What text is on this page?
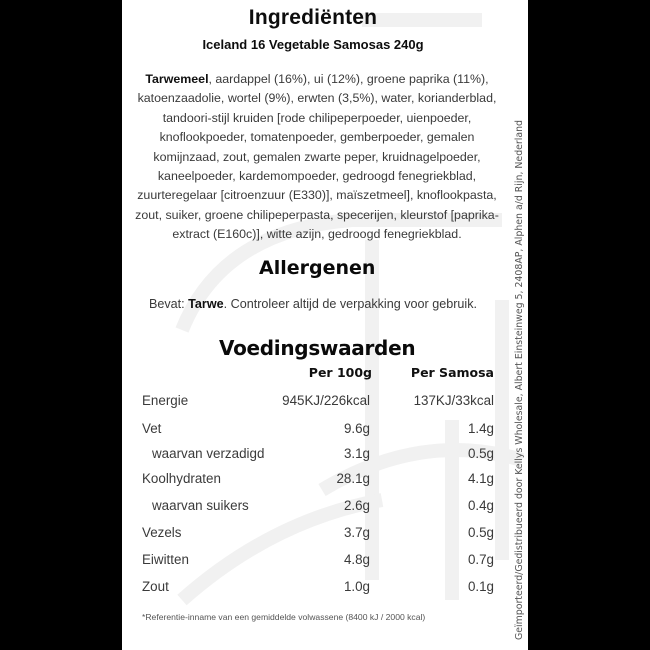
Ingrediënten
Iceland 16 Vegetable Samosas 240g
Tarwemeel, aardappel (16%), ui (12%), groene paprika (11%), katoenzaadolie, wortel (9%), erwten (3,5%), water, korianderblad, tandoori-stijl kruiden [rode chilipeperpoeder, uienpoeder, knoflookpoeder, tomatenpoeder, gemberpoeder, gemalen komijnzaad, zout, gemalen zwarte peper, kruidnagelpoeder, kaneelpoeder, kardemompoeder, gedroogd fenegriekblad, zuurteregelaar [citroenzuur (E330)], maïszetmeel], knoflookpasta, zout, suiker, groene chilipeperpasta, specerijen, kleurstof [paprika-extract (E160c)], witte azijn, gedroogd fenegriekblad.
Allergenen
Bevat: Tarwe. Controleer altijd de verpakking voor gebruik.
Voedingswaarden
Per 100g	Per Samosa
Energie	945KJ/226kcal	137KJ/33kcal
Vet	9.6g	1.4g
waarvan verzadigd	3.1g	0.5g
Koolhydraten	28.1g	4.1g
waarvan suikers	2.6g	0.4g
Vezels	3.7g	0.5g
Eiwitten	4.8g	0.7g
Zout	1.0g	0.1g
*Referentie-inname van een gemiddelde volwassene (8400 kJ / 2000 kcal)	Geïmporteerd/Gedistribueerd door Kellys Wholesale, Albert Einsteinweg 5, 2408AP, Alphen a/d Rijn, Nederland
